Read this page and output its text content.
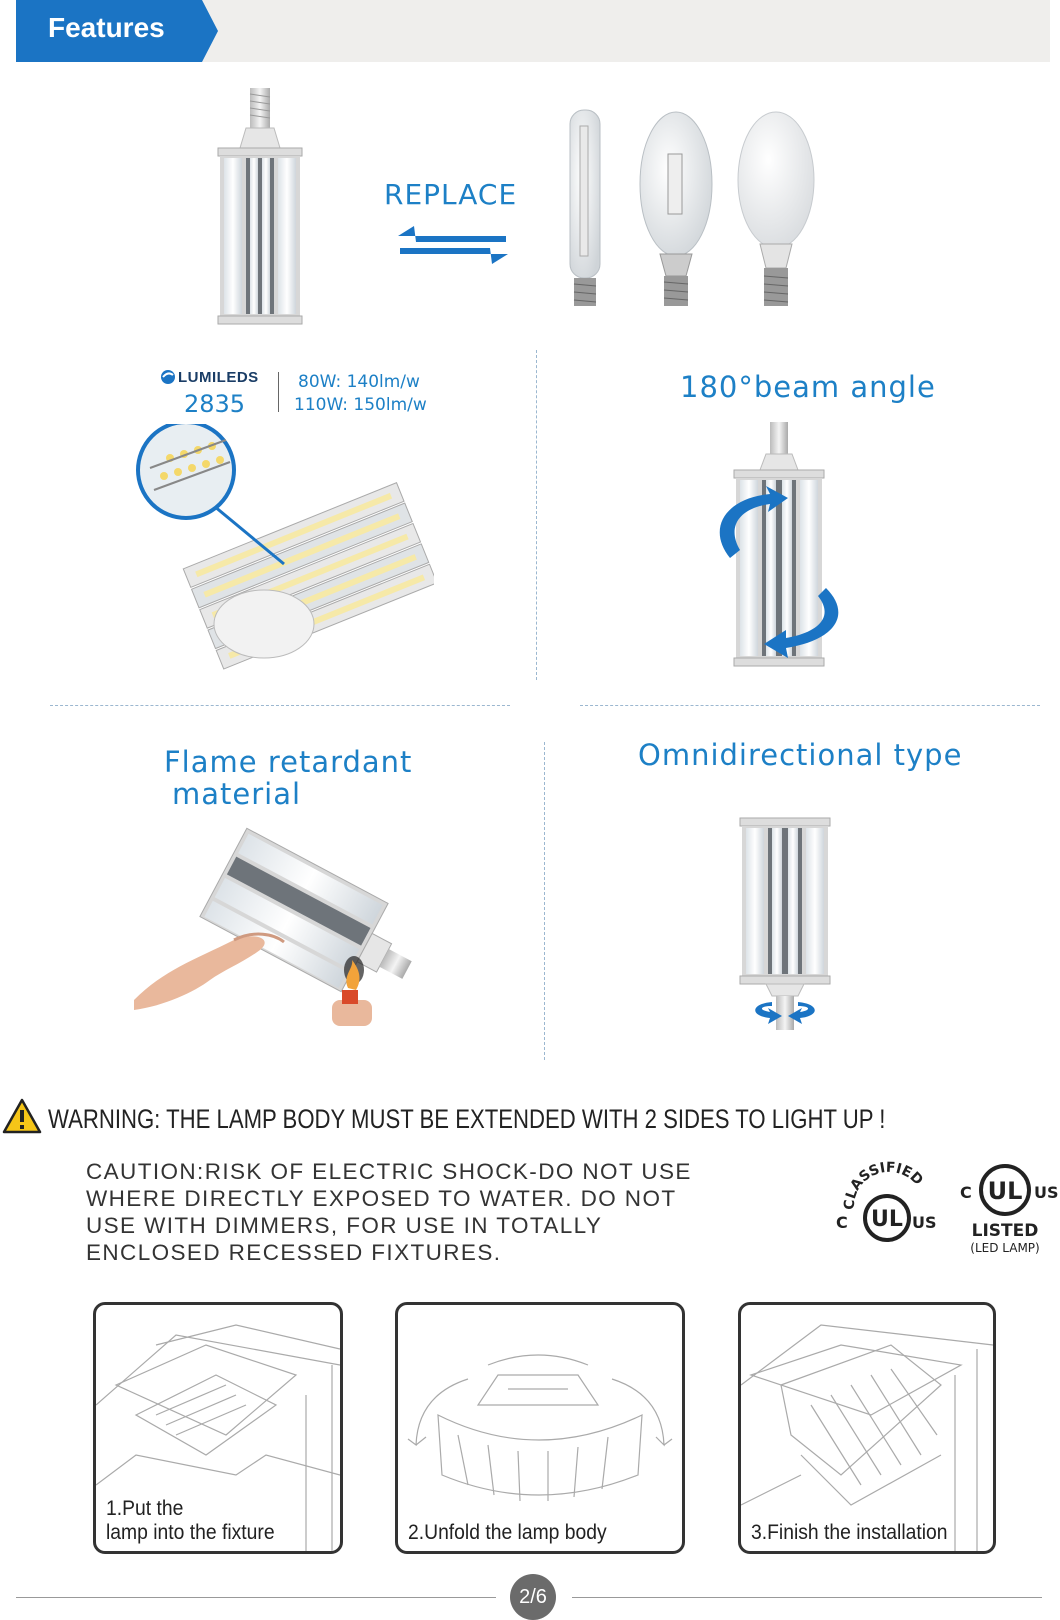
Features
REPLACE
LUMILEDS
2835
80W: 140lm/w
110W: 150lm/w
180°beam angle
Flame retardant
material
Omnidirectional type
WARNING: THE LAMP BODY MUST BE EXTENDED WITH 2 SIDES TO LIGHT UP !
CAUTION:RISK OF ELECTRIC SHOCK-DO NOT USE
WHERE DIRECTLY EXPOSED TO WATER. DO NOT
USE WITH DIMMERS, FOR USE IN TOTALLY
ENCLOSED RECESSED FIXTURES.
CLASSIFIED
UL
C	US
UL
C	US
LISTED
(LED LAMP)
1.Put the
lamp into the fixture	2.Unfold the lamp body	3.Finish the installation
2/6
